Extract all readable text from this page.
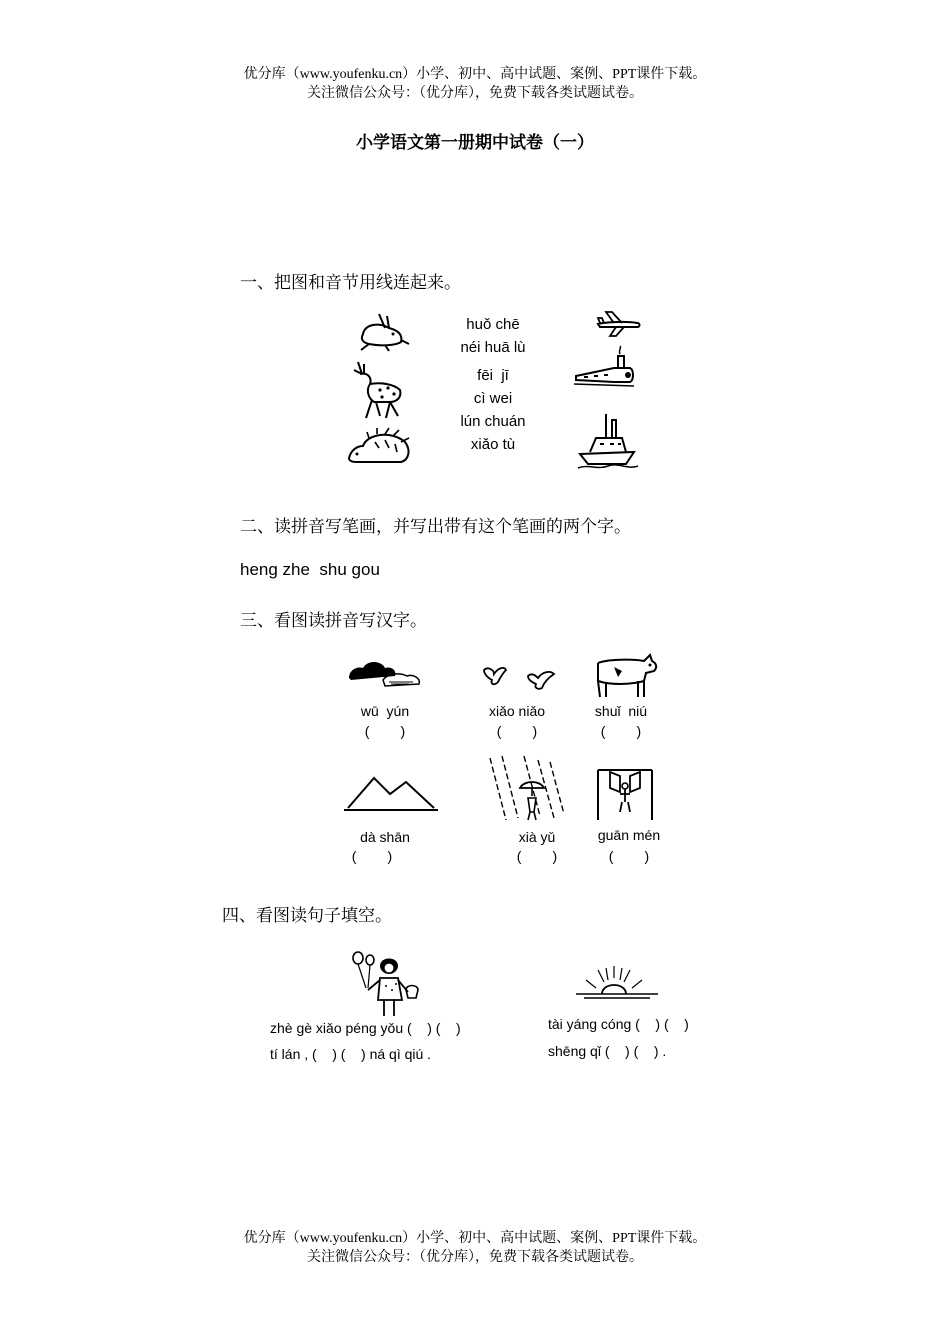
优分库（www.youfenku.cn）小学、初中、高中试题、案例、PPT课件下载。
关注微信公众号：（优分库），免费下载各类试题试卷。
小学语文第一册期中试卷（一）
一、把图和音节用线连起来。
huǒ chē
néi huā lù
fēi  jī
cì wei
lún chuán
xiǎo tù
二、读拼音写笔画，并写出带有这个笔画的两个字。
heng zhe  shu gou
三、看图读拼音写汉字。
wū  yún
(        )
xiǎo niǎo
(        )
shuǐ  niú
(        )
dà shān
(        )
xià yǔ
(        )
guān mén
(        )
四、看图读句子填空。
zhè gè xiǎo péng yǒu (    ) (    )
tí lán , (    ) (    ) ná qì qiú .
tài yáng cóng (    ) (    )
shēng qǐ (    ) (    ) .
优分库（www.youfenku.cn）小学、初中、高中试题、案例、PPT课件下载。
关注微信公众号：（优分库），免费下载各类试题试卷。
